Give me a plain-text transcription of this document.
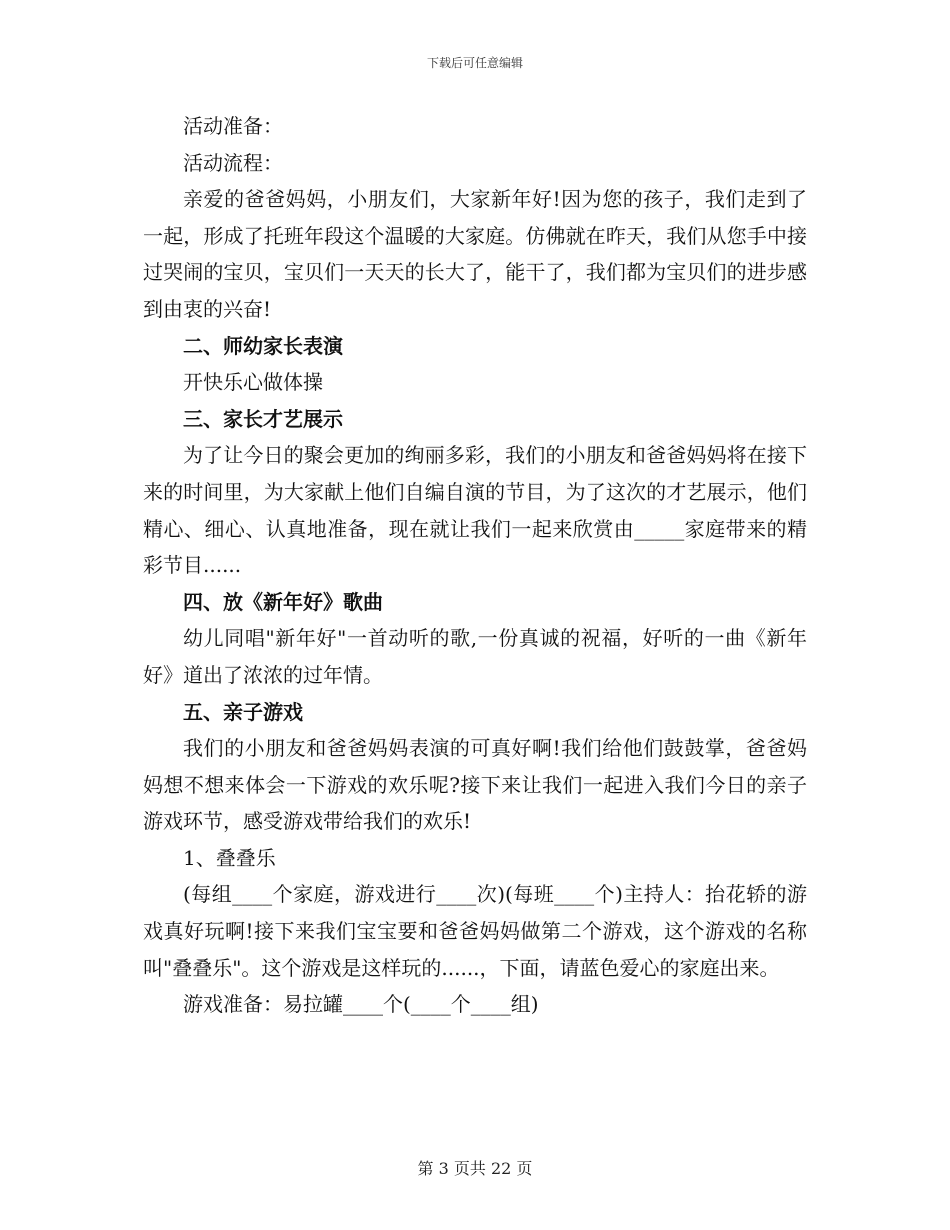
下载后可任意编辑

活动准备：

活动流程：

亲爱的爸爸妈妈，小朋友们，大家新年好!因为您的孩子，我们走到了一起，形成了托班年段这个温暖的大家庭。仿佛就在昨天，我们从您手中接过哭闹的宝贝，宝贝们一天天的长大了，能干了，我们都为宝贝们的进步感到由衷的兴奋!

二、师幼家长表演

开快乐心做体操

三、家长才艺展示

为了让今日的聚会更加的绚丽多彩，我们的小朋友和爸爸妈妈将在接下来的时间里，为大家献上他们自编自演的节目，为了这次的才艺展示，他们精心、细心、认真地准备，现在就让我们一起来欣赏由_____家庭带来的精彩节目......

四、放《新年好》歌曲

幼儿同唱"新年好"一首动听的歌,一份真诚的祝福，好听的一曲《新年好》道出了浓浓的过年情。

五、亲子游戏

我们的小朋友和爸爸妈妈表演的可真好啊!我们给他们鼓鼓掌，爸爸妈妈想不想来体会一下游戏的欢乐呢?接下来让我们一起进入我们今日的亲子游戏环节，感受游戏带给我们的欢乐!

1、叠叠乐

(每组____个家庭，游戏进行____次)(每班____个)主持人：抬花轿的游戏真好玩啊!接下来我们宝宝要和爸爸妈妈做第二个游戏，这个游戏的名称叫"叠叠乐"。这个游戏是这样玩的......，下面，请蓝色爱心的家庭出来。

游戏准备：易拉罐____个(____个____组)

第 3 页共 22 页
